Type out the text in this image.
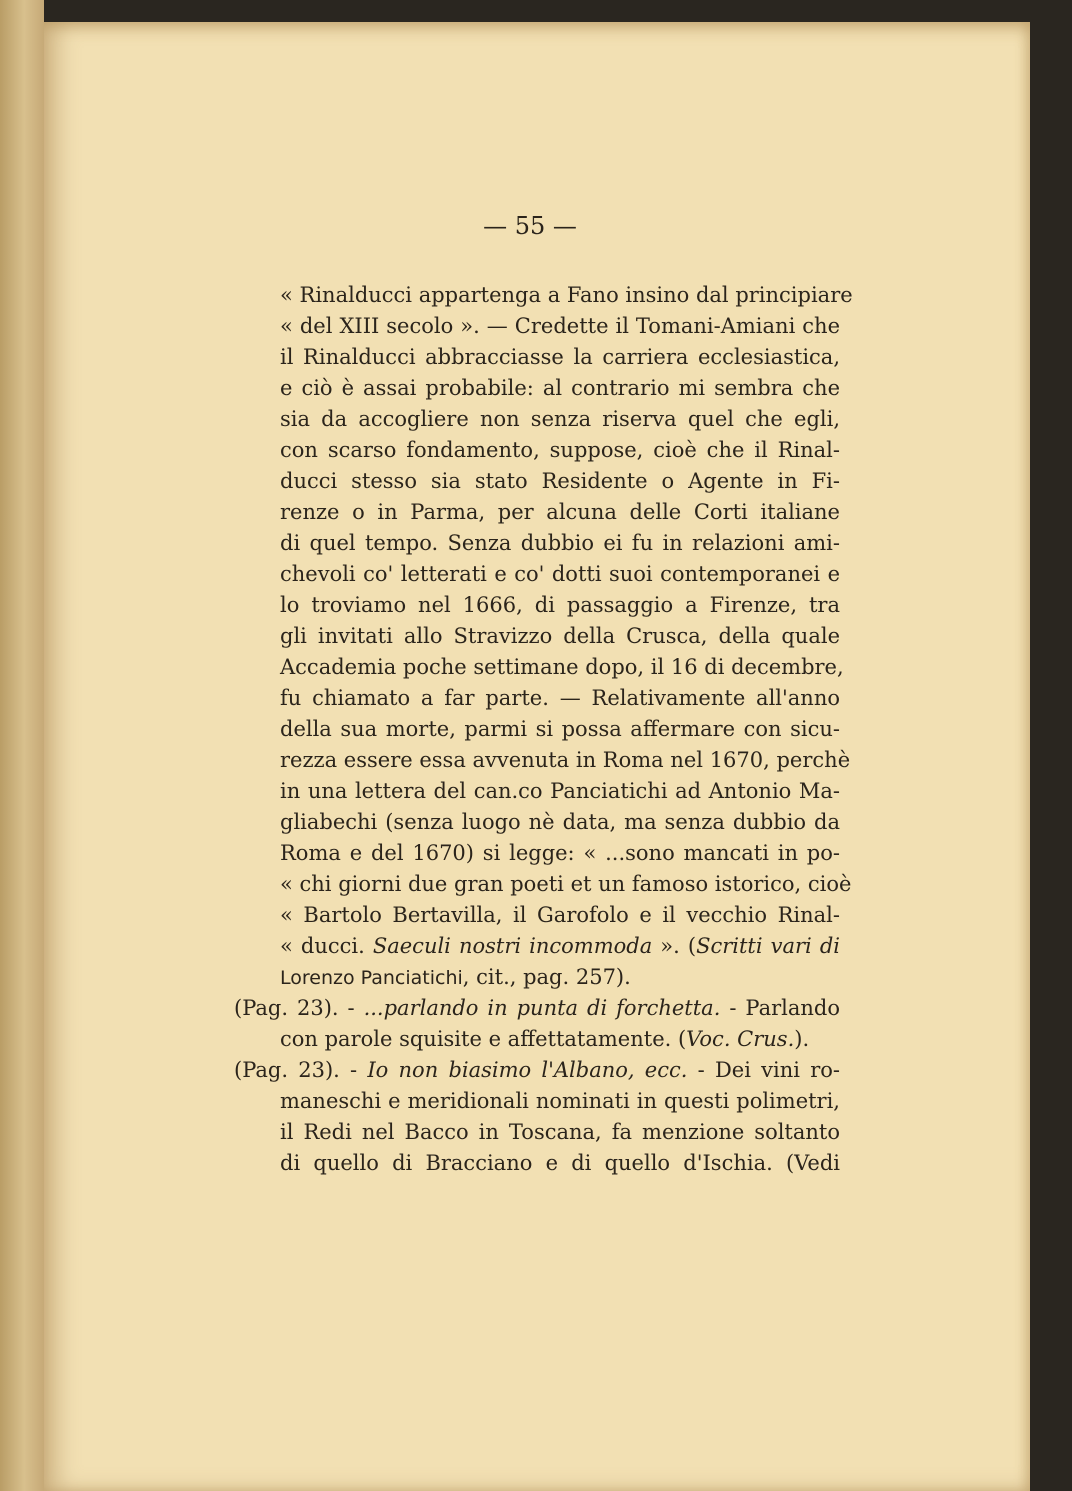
— 55 —
« Rinalducci appartenga a Fano insino dal principiare
« del XIII secolo ». — Credette il Tomani-Amiani che
il Rinalducci abbracciasse la carriera ecclesiastica,
e ciò è assai probabile: al contrario mi sembra che
sia da accogliere non senza riserva quel che egli,
con scarso fondamento, suppose, cioè che il Rinal-
ducci stesso sia stato Residente o Agente in Fi-
renze o in Parma, per alcuna delle Corti italiane
di quel tempo. Senza dubbio ei fu in relazioni ami-
chevoli co' letterati e co' dotti suoi contemporanei e
lo troviamo nel 1666, di passaggio a Firenze, tra
gli invitati allo Stravizzo della Crusca, della quale
Accademia poche settimane dopo, il 16 di decembre,
fu chiamato a far parte. — Relativamente all'anno
della sua morte, parmi si possa affermare con sicu-
rezza essere essa avvenuta in Roma nel 1670, perchè
in una lettera del can.co Panciatichi ad Antonio Ma-
gliabechi (senza luogo nè data, ma senza dubbio da
Roma e del 1670) si legge: « ...sono mancati in po-
« chi giorni due gran poeti et un famoso istorico, cioè
« Bartolo Bertavilla, il Garofolo e il vecchio Rinal-
« ducci. Saeculi nostri incommoda ». (Scritti vari di
Lorenzo Panciatichi, cit., pag. 257).
(Pag. 23). - ...parlando in punta di forchetta. - Parlando
con parole squisite e affettatamente. (Voc. Crus.).
(Pag. 23). - Io non biasimo l'Albano, ecc. - Dei vini ro-
maneschi e meridionali nominati in questi polimetri,
il Redi nel Bacco in Toscana, fa menzione soltanto
di quello di Bracciano e di quello d'Ischia. (Vedi
